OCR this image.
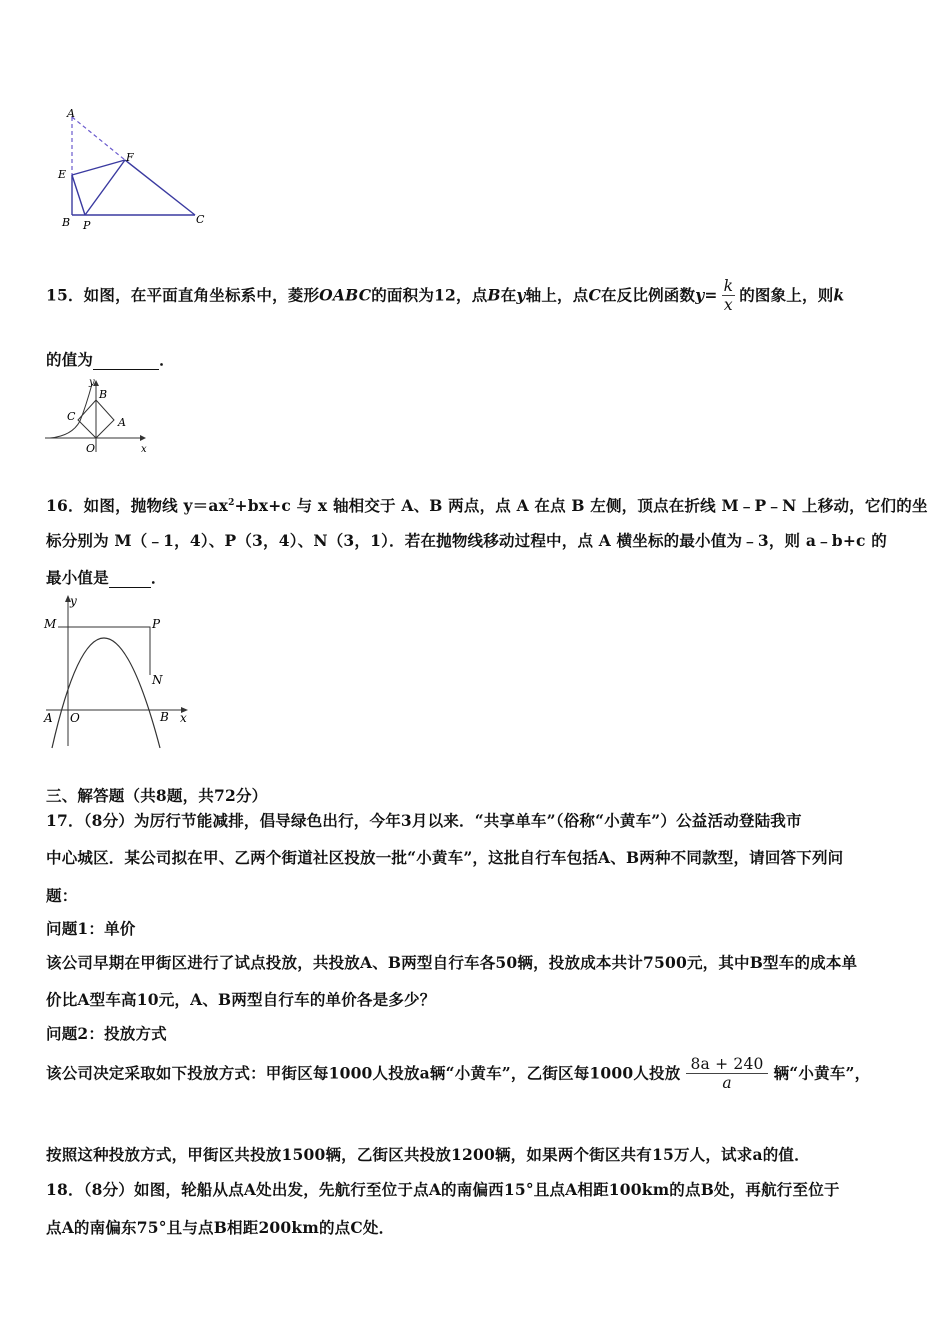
A
E
F
B P	C
15．如图，在平面直角坐标系中，菱形OABC的面积为12，点B在y轴上，点C在反比例函数$y= \frac{k}{x}$ 的图象上，则k
的值为	．
y
B
C	A
O	x
16．如图，抛物线 $y=ax^2+bx+c$ 与 x 轴相交于 A、B 两点，点 A 在点 B 左侧，顶点在折线 M﹣P﹣N 上移动，它们的坐
标分别为 M（﹣1，4）、P（3，4）、N（3，1）．若在抛物线移动过程中，点 A 横坐标的最小值为﹣3，则 a﹣b+c 的
最小值是	．
y
M	P
N
A O	B x
三、解答题（共8题，共72分）
17．（8分）为厉行节能减排，倡导绿色出行，今年3月以来．“共享单车”（俗称“小黄车”）公益活动登陆我市
中心城区．某公司拟在甲、乙两个街道社区投放一批“小黄车”，这批自行车包括A、B两种不同款型，请回答下列问
题：
问题1：单价
该公司早期在甲街区进行了试点投放，共投放A、B两型自行车各50辆，投放成本共计7500元，其中B型车的成本单
价比A型车高10元，A、B两型自行车的单价各是多少？
问题2：投放方式
该公司决定采取如下投放方式：甲街区每1000人投放a辆“小黄车”，乙街区每1000人投放 $\frac{8a + 240}{a}$ 辆“小黄车”，
按照这种投放方式，甲街区共投放1500辆，乙街区共投放1200辆，如果两个街区共有15万人，试求a的值．
18．（8分）如图，轮船从点A处出发，先航行至位于点A的南偏西15°且点A相距100km的点B处，再航行至位于
点A的南偏东75°且与点B相距200km的点C处．
